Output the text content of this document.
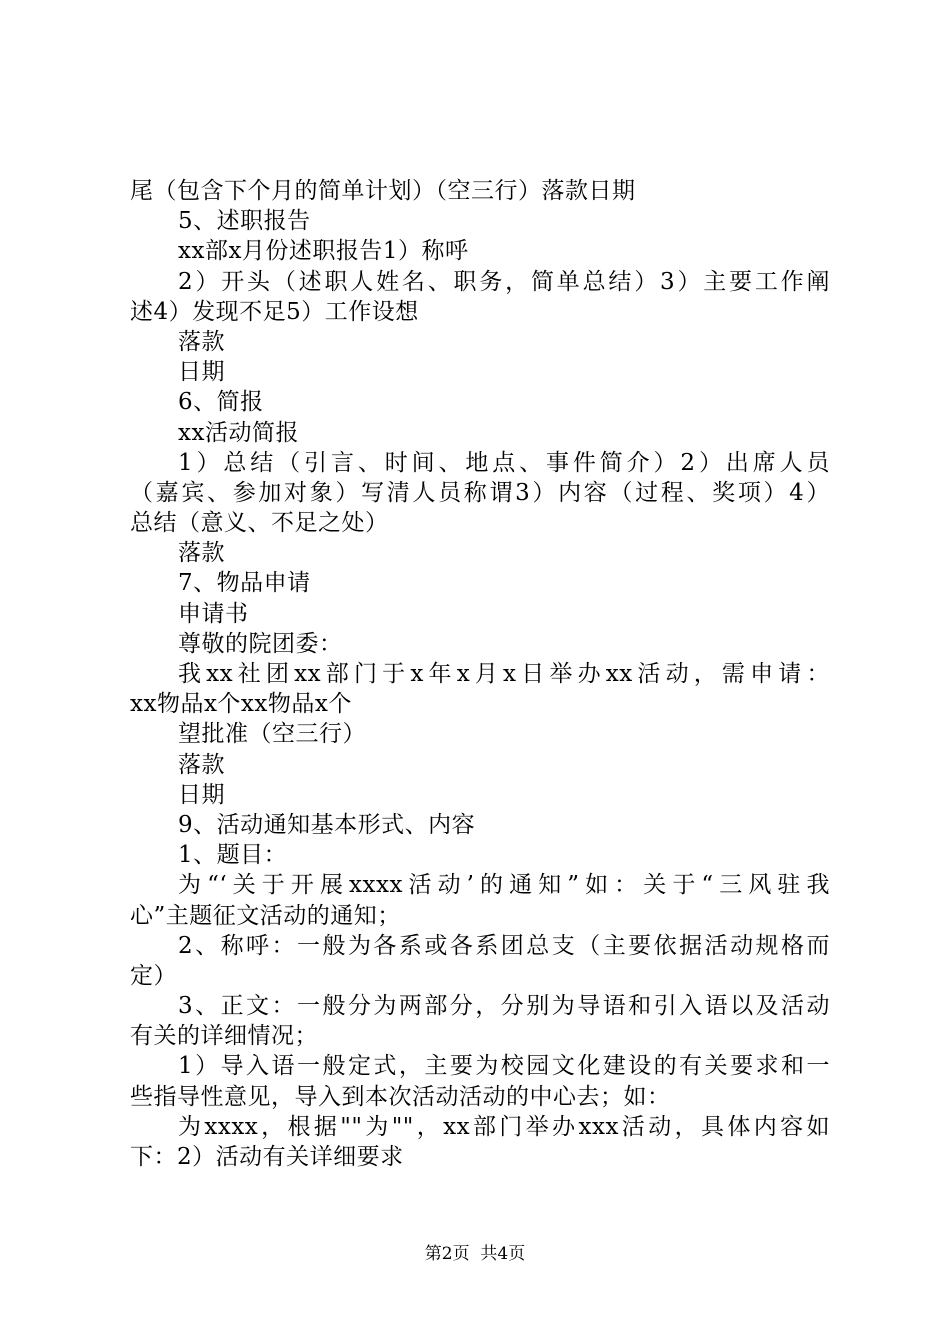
尾（包含下个月的简单计划）（空三行）落款日期
5、述职报告
xx部x月份述职报告1）称呼
2）开头（述职人姓名、职务，简单总结）3）主要工作阐
述4）发现不足5）工作设想
落款
日期
6、简报
xx活动简报
1）总结（引言、时间、地点、事件简介）2）出席人员
（嘉宾、参加对象）写清人员称谓3）内容（过程、奖项）4）
总结（意义、不足之处）
落款
7、物品申请
申请书
尊敬的院团委：
我xx社团xx部门于x年x月x日举办xx活动，需申请：
xx物品x个xx物品x个
望批准（空三行）
落款
日期
9、活动通知基本形式、内容
1、题目：
为“‘关于开展xxxx活动’的通知”如：关于“三风驻我
心”主题征文活动的通知；
2、称呼：一般为各系或各系团总支（主要依据活动规格而
定）
3、正文：一般分为两部分，分别为导语和引入语以及活动
有关的详细情况；
1）导入语一般定式，主要为校园文化建设的有关要求和一
些指导性意见，导入到本次活动活动的中心去；如：
为xxxx，根据""为""，xx部门举办xxx活动，具体内容如
下：2）活动有关详细要求
第2页  共4页
